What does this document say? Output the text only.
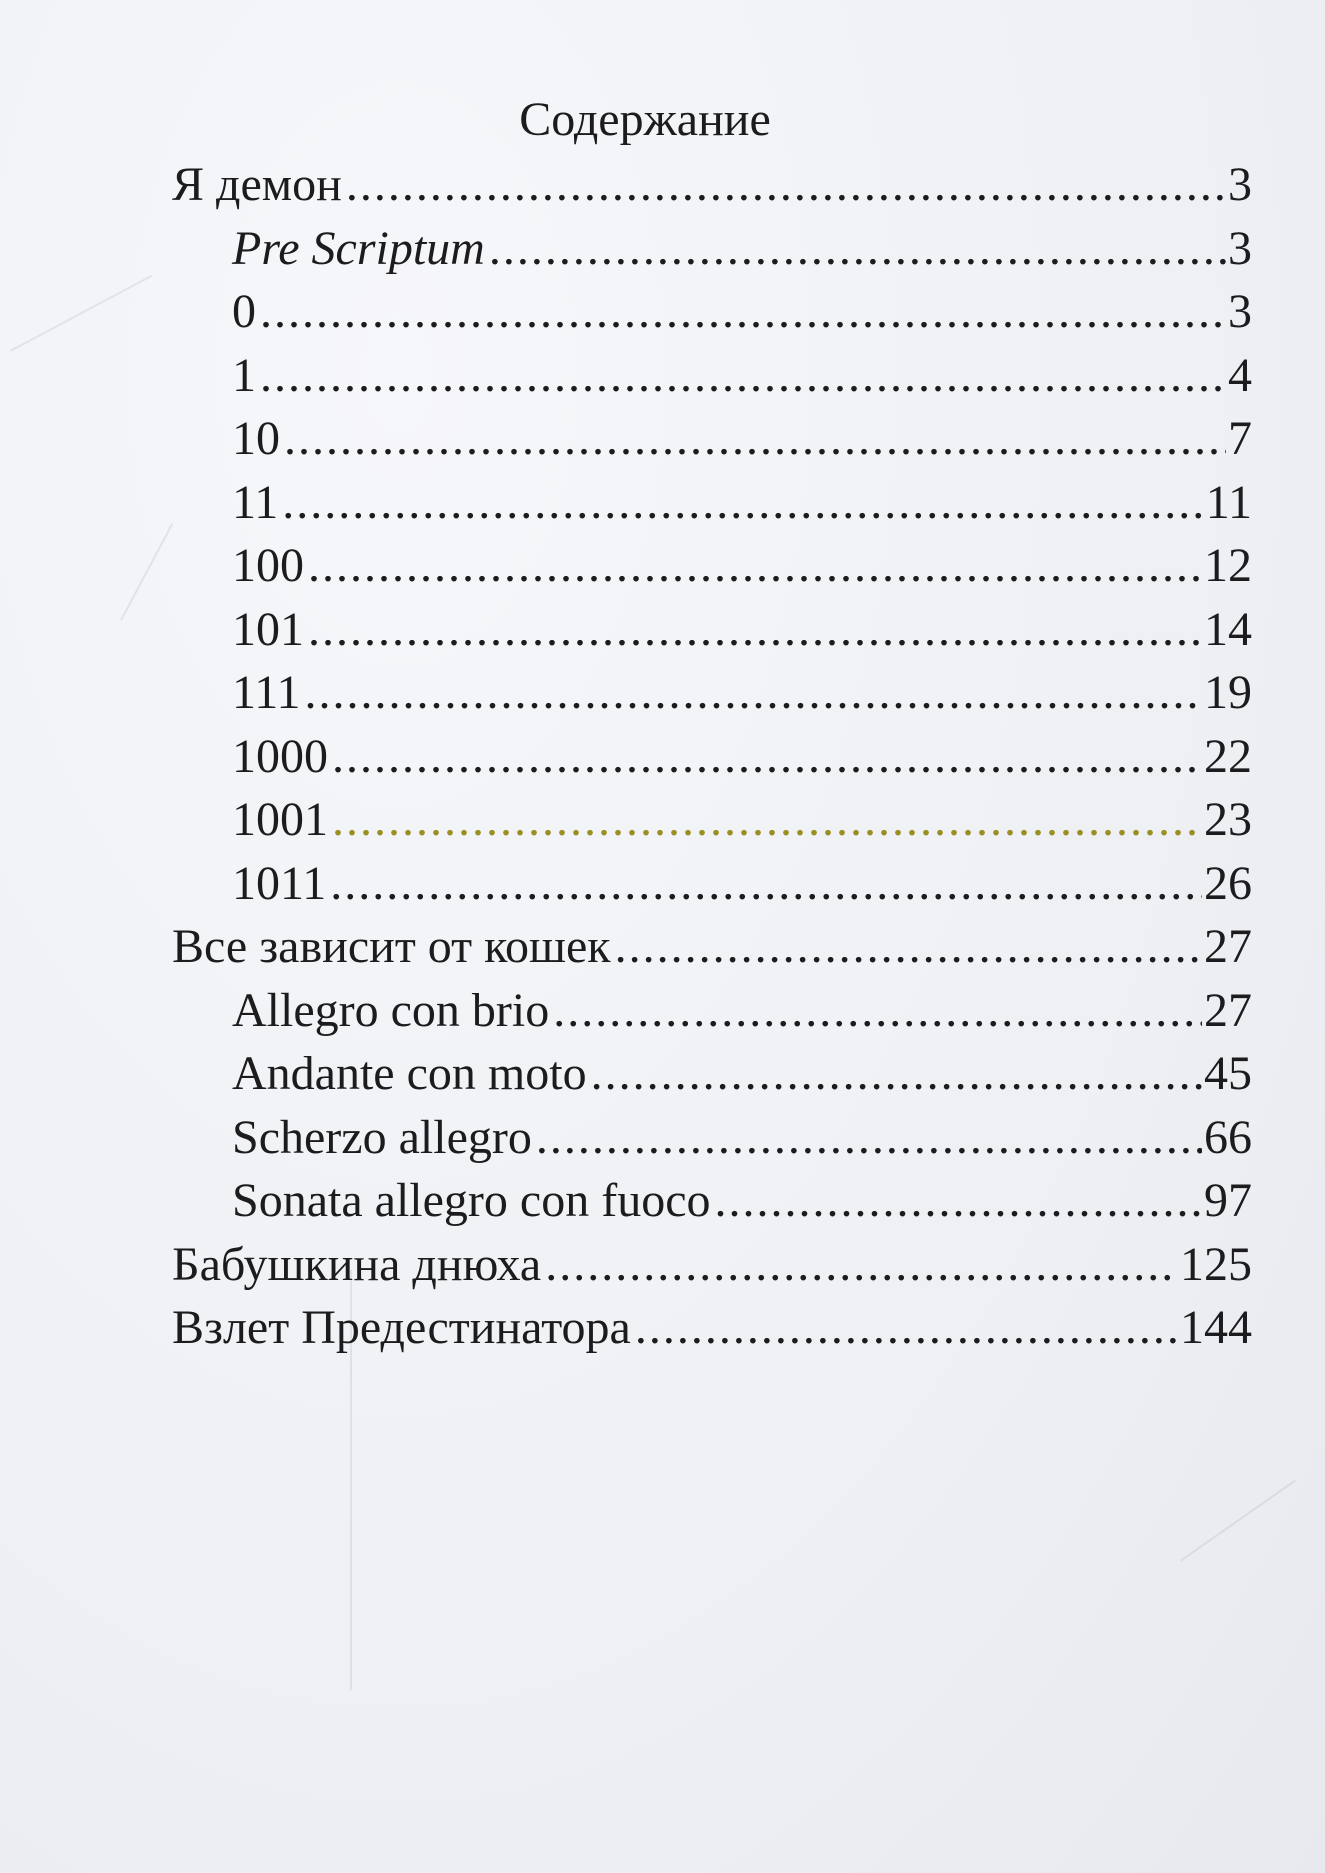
Содержание
Я демон .....	3
Pre Scriptum .....	3
0 .....	3
1 .....	4
10 .....	7
11 .....	11
100 .....	12
101 .....	14
111 .....	19
1000 .....	22
1001 .....	23
1011 .....	26
Все зависит от кошек .....	27
Allegro con brio .....	27
Andante con moto .....	45
Scherzo allegro .....	66
Sonata allegro con fuoco .....	97
Бабушкина днюха .....	125
Взлет Предестинатора .....	144
